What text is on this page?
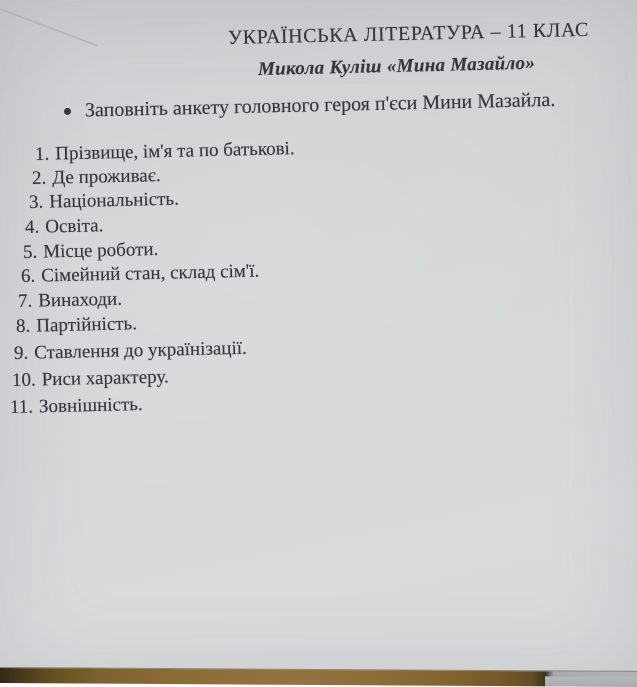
УКРАЇНСЬКА ЛІТЕРАТУРА – 11 КЛАС
Микола Куліш «Мина Мазайло»
Заповніть анкету головного героя п'єси Мини Мазайла.
1. Прізвище, ім'я та по батькові.
2. Де проживає.
3. Національність.
4. Освіта.
5. Місце роботи.
6. Сімейний стан, склад сім'ї.
7. Винаходи.
8. Партійність.
9. Ставлення до українізації.
10. Риси характеру.
11. Зовнішність.
